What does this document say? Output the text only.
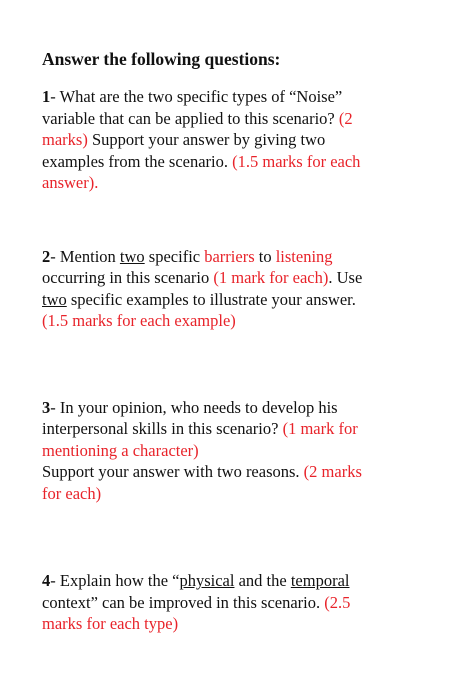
Answer the following questions:
1- What are the two specific types of “Noise”
variable that can be applied to this scenario? (2
marks) Support your answer by giving two
examples from the scenario. (1.5 marks for each
answer).
2- Mention two specific barriers to listening
occurring in this scenario (1 mark for each). Use
two specific examples to illustrate your answer.
(1.5 marks for each example)
3- In your opinion, who needs to develop his
interpersonal skills in this scenario? (1 mark for
mentioning a character)
Support your answer with two reasons. (2 marks
for each)
4- Explain how the “physical and the temporal
context” can be improved in this scenario. (2.5
marks for each type)
